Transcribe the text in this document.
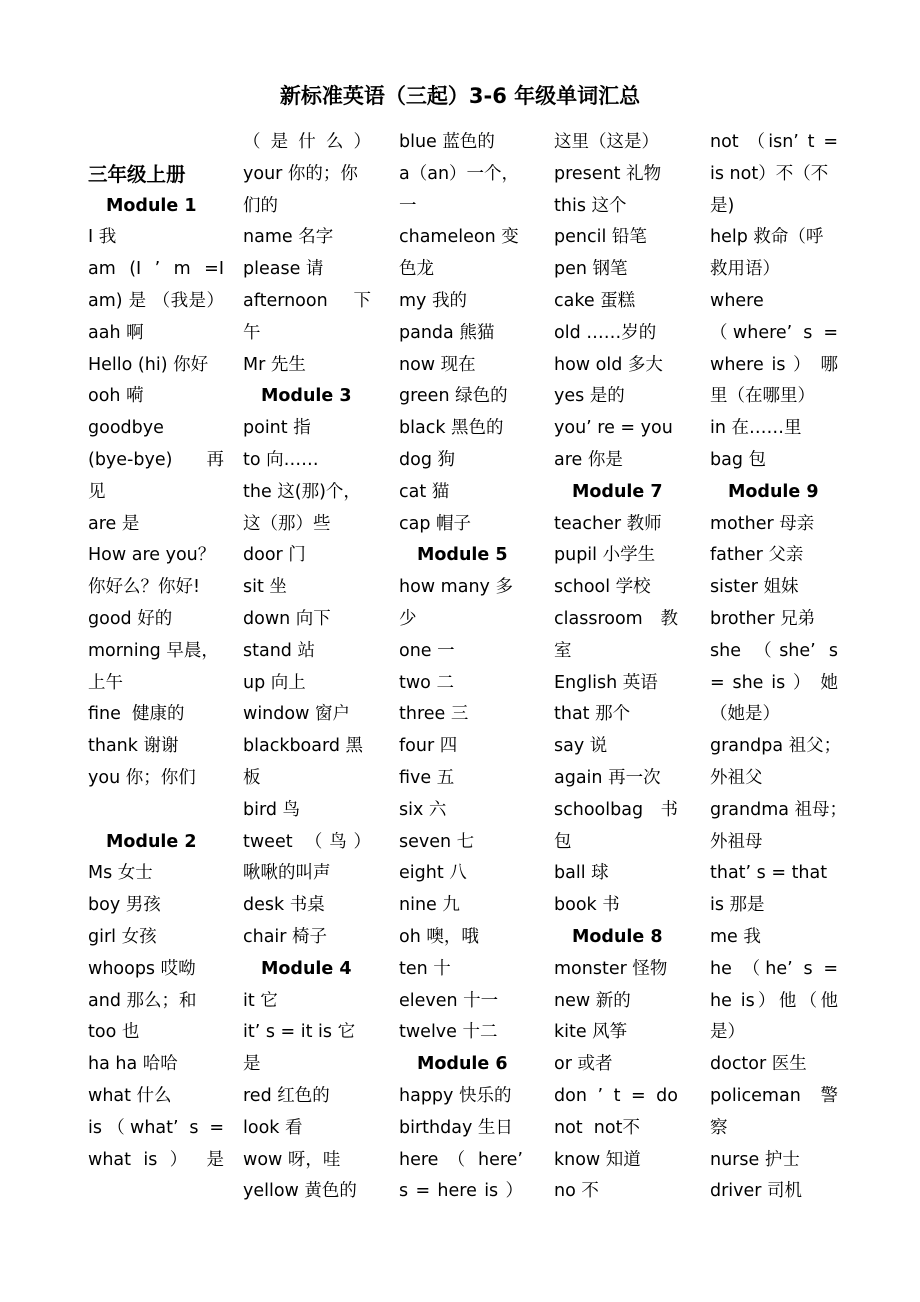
新标准英语（三起）3-6 年级单词汇总
三年级上册
Module 1
I 我
am (I ’ m =I
am) 是 （我是）
aah 啊
Hello (hi) 你好
ooh 嗬
goodbye
(bye-bye) 再
见
are 是
How are you？
你好么？你好!
good 好的
morning 早晨，
上午
fine  健康的
thank 谢谢
you 你；你们
Module 2
Ms 女士
boy 男孩
girl 女孩
whoops 哎呦
and 那么；和
too 也
ha ha 哈哈
what 什么
is（what’ s =
what is ） 是
（ 是 什 么 ）
your 你的；你
们的
name 名字
please 请
afternoon 下
午
Mr 先生
Module 3
point 指
to 向……
the 这(那)个，
这（那）些
door 门
sit 坐
down 向下
stand 站
up 向上
window 窗户
blackboard 黑
板
bird 鸟
tweet （鸟）
啾啾的叫声
desk 书桌
chair 椅子
Module 4
it 它
it’ s = it is 它
是
red 红色的
look 看
wow 呀，哇
yellow 黄色的
blue 蓝色的
a（an）一个，
一
chameleon 变
色龙
my 我的
panda 熊猫
now 现在
green 绿色的
black 黑色的
dog 狗
cat 猫
cap 帽子
Module 5
how many 多
少
one 一
two 二
three 三
four 四
five 五
six 六
seven 七
eight 八
nine 九
oh 噢，哦
ten 十
eleven 十一
twelve 十二
Module 6
happy 快乐的
birthday 生日
here （ here’
s = here is ）
这里（这是）
present 礼物
this 这个
pencil 铅笔
pen 钢笔
cake 蛋糕
old ……岁的
how old 多大
yes 是的
you’ re = you
are 你是
Module 7
teacher 教师
pupil 小学生
school 学校
classroom 教
室
English 英语
that 那个
say 说
again 再一次
schoolbag 书
包
ball 球
book 书
Module 8
monster 怪物
new 新的
kite 风筝
or 或者
don ’ t = do
not  not不
know 知道
no 不
not （isn’ t =
is not）不（不
是)
help 救命（呼
救用语）
where
（where’ s =
where is ） 哪
里（在哪里）
in 在……里
bag 包
Module 9
mother 母亲
father 父亲
sister 姐妹
brother 兄弟
she （she’ s
= she is ） 她
（她是）
grandpa 祖父；
外祖父
grandma 祖母；
外祖母
that’ s = that
is 那是
me 我
he （he’ s =
he is）他（他
是）
doctor 医生
policeman 警
察
nurse 护士
driver 司机
